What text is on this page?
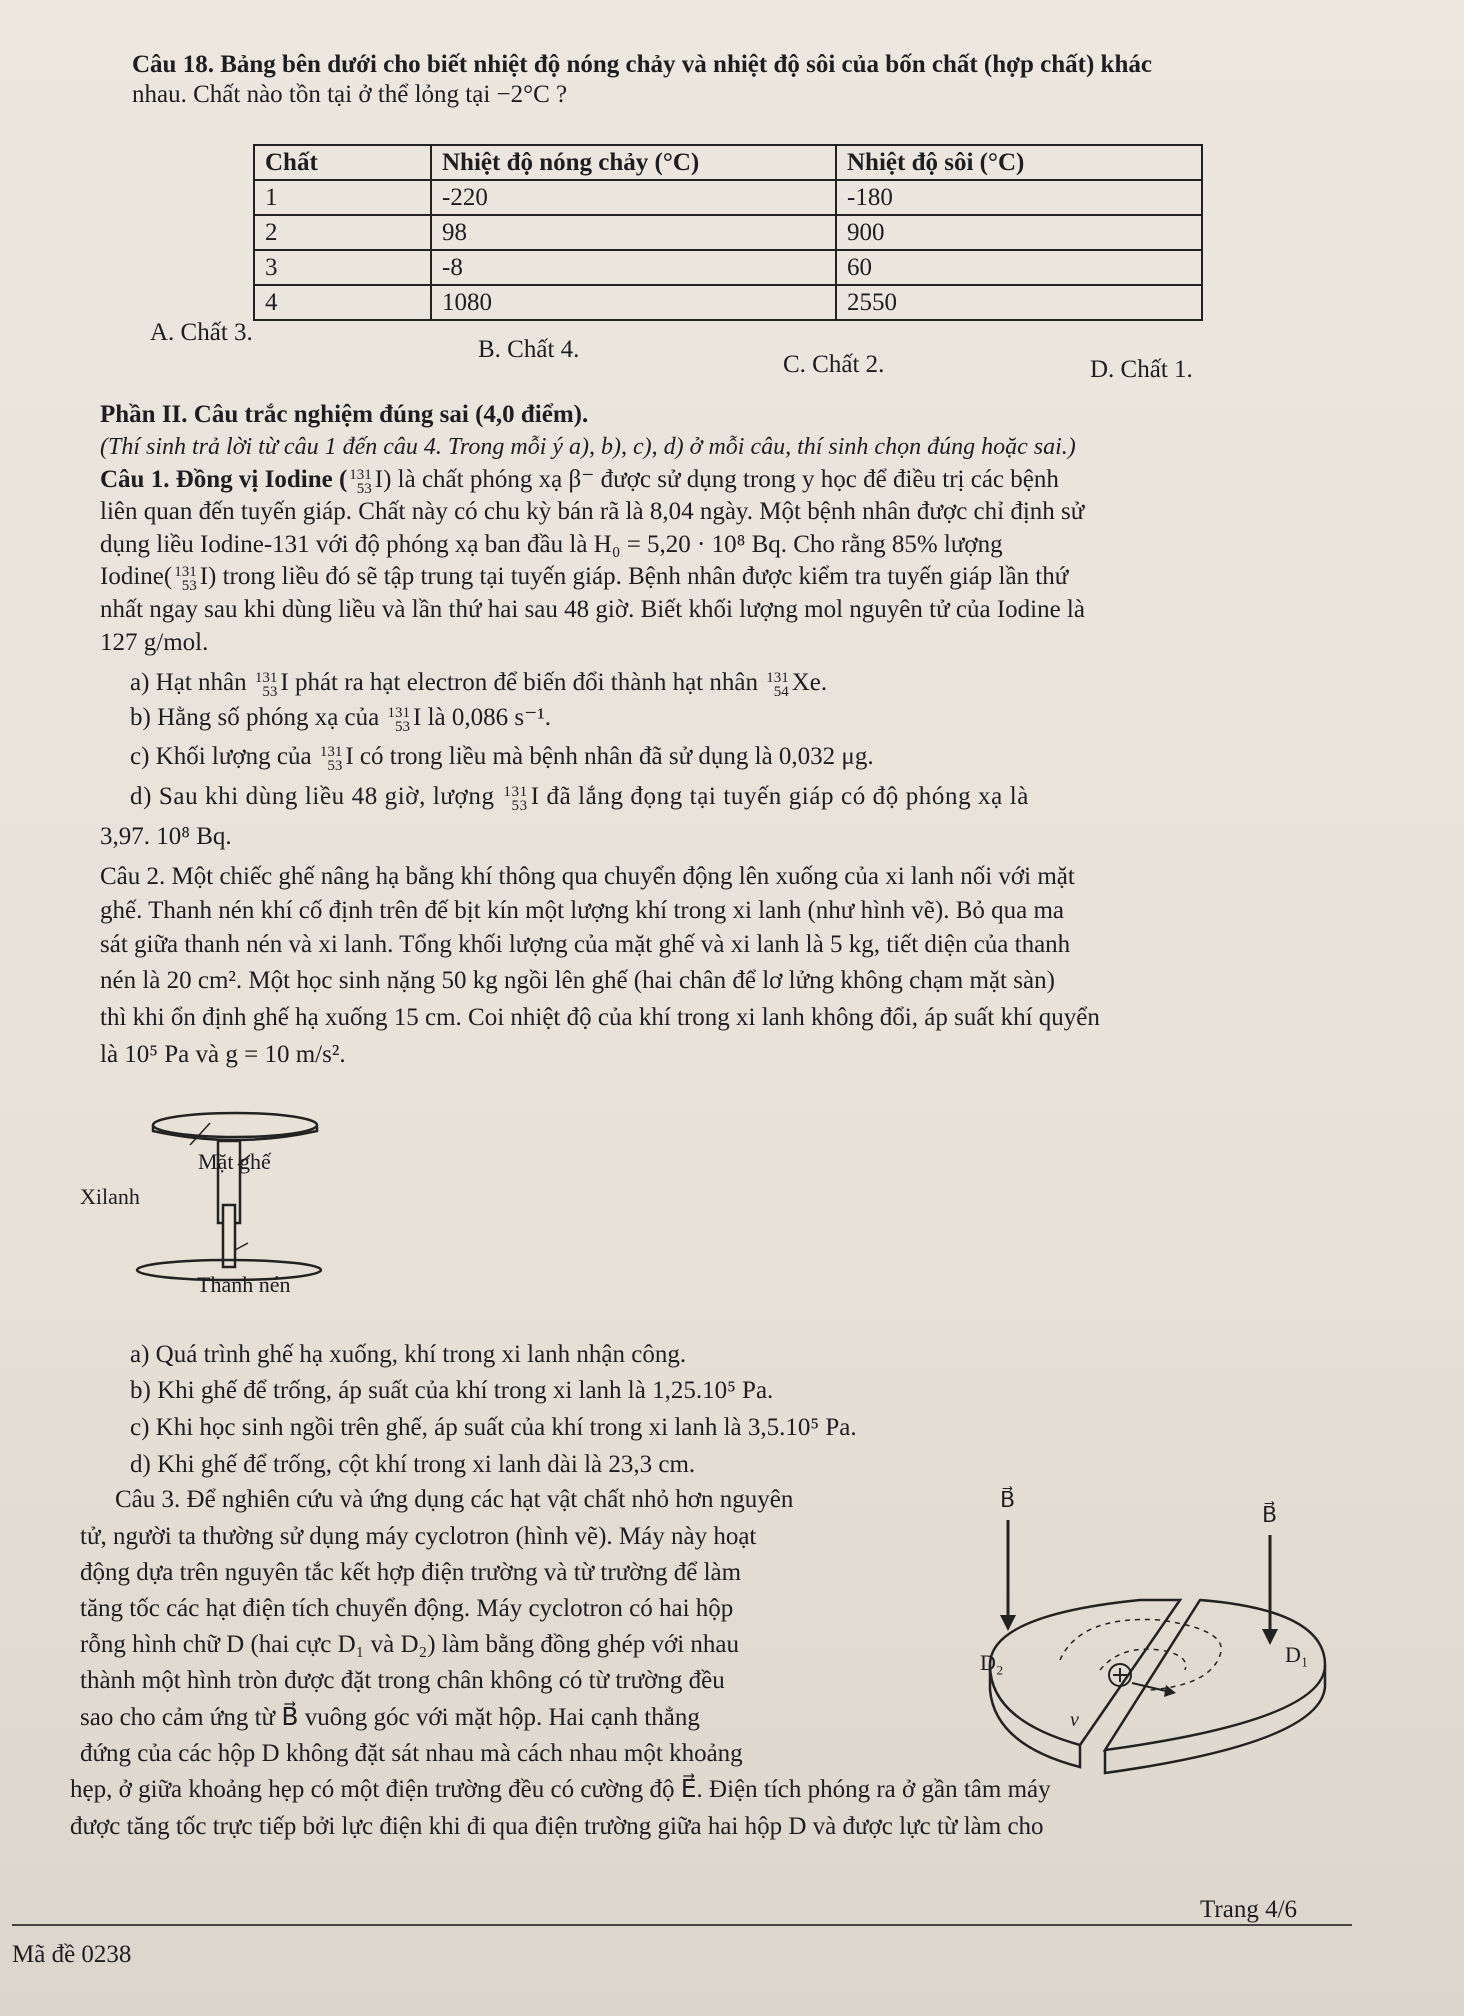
Câu 18. Bảng bên dưới cho biết nhiệt độ nóng chảy và nhiệt độ sôi của bốn chất (hợp chất) khác
nhau. Chất nào tồn tại ở thể lỏng tại −2°C ?
Chất	Nhiệt độ nóng chảy (°C)	Nhiệt độ sôi (°C)
1	-220	-180
2	98	900
3	-8	60
4	1080	2550
A. Chất 3.
B. Chất 4.
C. Chất 2.	D. Chất 1.
Phần II. Câu trắc nghiệm đúng sai (4,0 điểm).
(Thí sinh trả lời từ câu 1 đến câu 4. Trong mỗi ý a), b), c), d) ở mỗi câu, thí sinh chọn đúng hoặc sai.)
Câu 1. Đồng vị Iodine ( 131
53 I) là chất phóng xạ β⁻ được sử dụng trong y học để điều trị các bệnh
liên quan đến tuyến giáp. Chất này có chu kỳ bán rã là 8,04 ngày. Một bệnh nhân được chỉ định sử
dụng liều Iodine-131 với độ phóng xạ ban đầu là H₀ = 5,20 · 10⁸ Bq. Cho rằng 85% lượng
Iodine( 131
53 I) trong liều đó sẽ tập trung tại tuyến giáp. Bệnh nhân được kiểm tra tuyến giáp lần thứ
nhất ngay sau khi dùng liều và lần thứ hai sau 48 giờ. Biết khối lượng mol nguyên tử của Iodine là
127 g/mol.
a) Hạt nhân 131
53 I phát ra hạt electron để biến đổi thành hạt nhân 131
54 Xe.
b) Hằng số phóng xạ của 131
53 I là 0,086 s⁻¹.
c) Khối lượng của 131
53 I có trong liều mà bệnh nhân đã sử dụng là 0,032 μg.
d) Sau khi dùng liều 48 giờ, lượng 131
53 I đã lắng đọng tại tuyến giáp có độ phóng xạ là
3,97. 10⁸ Bq.
Câu 2. Một chiếc ghế nâng hạ bằng khí thông qua chuyển động lên xuống của xi lanh nối với mặt
ghế. Thanh nén khí cố định trên đế bịt kín một lượng khí trong xi lanh (như hình vẽ). Bỏ qua ma
sát giữa thanh nén và xi lanh. Tổng khối lượng của mặt ghế và xi lanh là 5 kg, tiết diện của thanh
nén là 20 cm². Một học sinh nặng 50 kg ngồi lên ghế (hai chân để lơ lửng không chạm mặt sàn)
thì khi ổn định ghế hạ xuống 15 cm. Coi nhiệt độ của khí trong xi lanh không đổi, áp suất khí quyển
là 10⁵ Pa và g = 10 m/s².
Mặt ghế
Xilanh
Thanh nén
a) Quá trình ghế hạ xuống, khí trong xi lanh nhận công.
b) Khi ghế để trống, áp suất của khí trong xi lanh là 1,25.10⁵ Pa.
c) Khi học sinh ngồi trên ghế, áp suất của khí trong xi lanh là 3,5.10⁵ Pa.
d) Khi ghế để trống, cột khí trong xi lanh dài là 23,3 cm.
Câu 3. Để nghiên cứu và ứng dụng các hạt vật chất nhỏ hơn nguyên
tử, người ta thường sử dụng máy cyclotron (hình vẽ). Máy này hoạt
động dựa trên nguyên tắc kết hợp điện trường và từ trường để làm
tăng tốc các hạt điện tích chuyển động. Máy cyclotron có hai hộp
rỗng hình chữ D (hai cực D₁ và D₂) làm bằng đồng ghép với nhau
thành một hình tròn được đặt trong chân không có từ trường đều
sao cho cảm ứng từ B⃗ vuông góc với mặt hộp. Hai cạnh thẳng
đứng của các hộp D không đặt sát nhau mà cách nhau một khoảng
hẹp, ở giữa khoảng hẹp có một điện trường đều có cường độ E⃗. Điện tích phóng ra ở gần tâm máy
được tăng tốc trực tiếp bởi lực điện khi đi qua điện trường giữa hai hộp D và được lực từ làm cho
B⃗
B⃗
D₁
D₂
v⃗
Trang 4/6
Mã đề 0238
